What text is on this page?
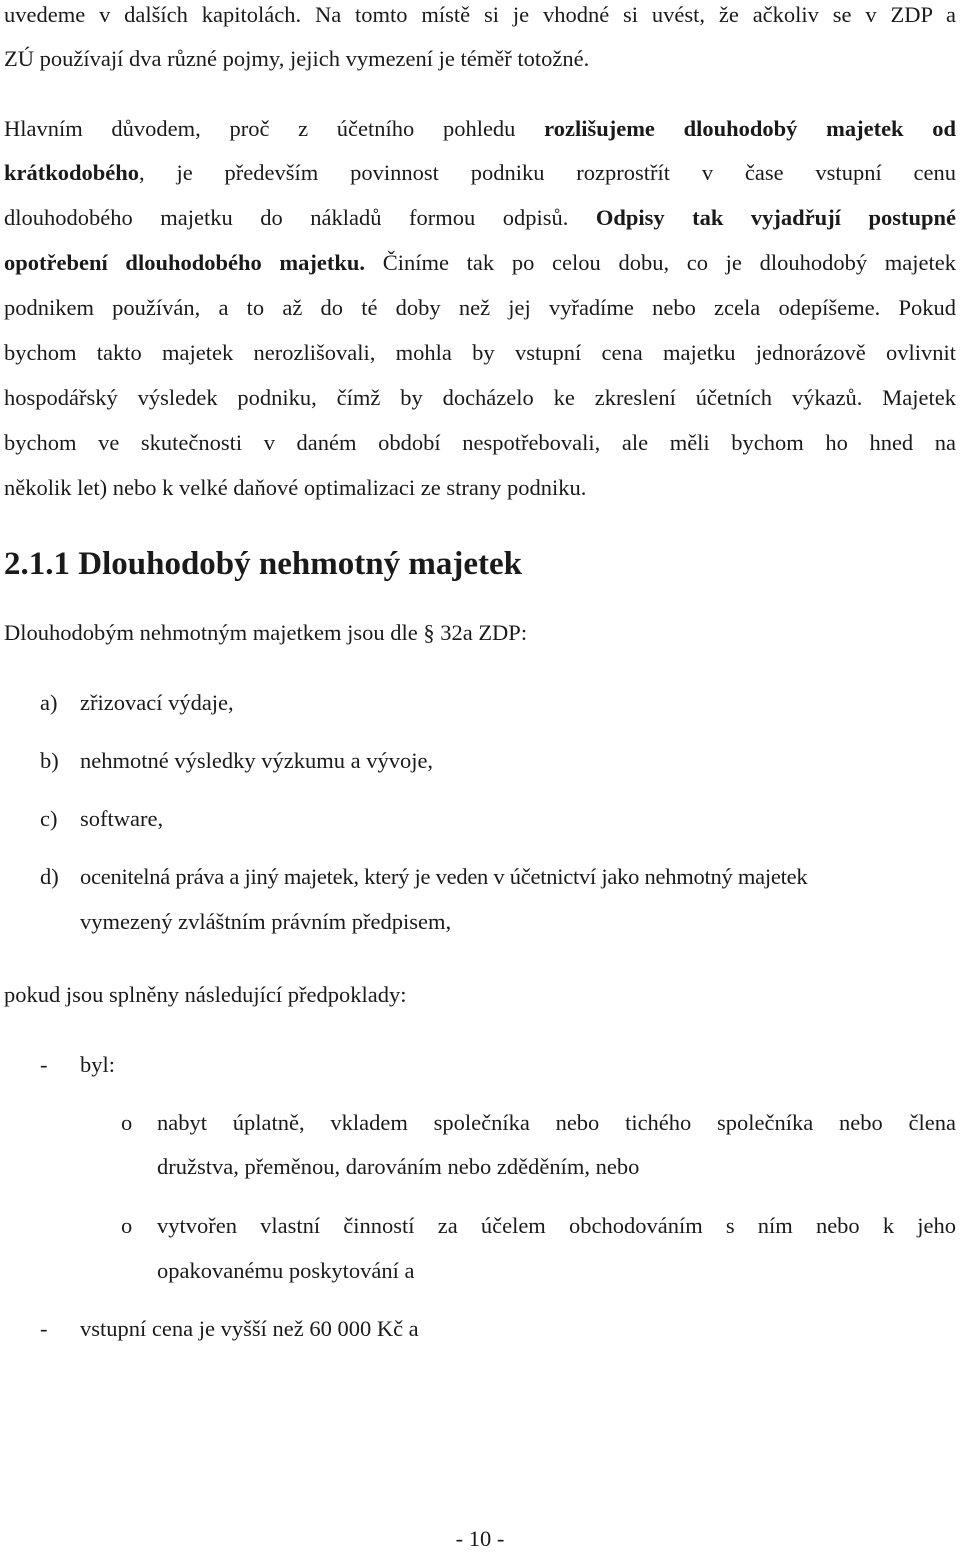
uvedeme v dalších kapitolách. Na tomto místě si je vhodné si uvést, že ačkoliv se v ZDP a
ZÚ používají dva různé pojmy, jejich vymezení je téměř totožné.
Hlavním důvodem, proč z účetního pohledu rozlišujeme dlouhodobý majetek od
krátkodobého, je především povinnost podniku rozprostřít v čase vstupní cenu
dlouhodobého majetku do nákladů formou odpisů. Odpisy tak vyjadřují postupné
opotřebení dlouhodobého majetku. Činíme tak po celou dobu, co je dlouhodobý majetek
podnikem používán, a to až do té doby než jej vyřadíme nebo zcela odepíšeme. Pokud
bychom takto majetek nerozlišovali, mohla by vstupní cena majetku jednorázově ovlivnit
hospodářský výsledek podniku, čímž by docházelo ke zkreslení účetních výkazů. Majetek
bychom ve skutečnosti v daném období nespotřebovali, ale měli bychom ho hned na
několik let) nebo k velké daňové optimalizaci ze strany podniku.
2.1.1 Dlouhodobý nehmotný majetek
Dlouhodobým nehmotným majetkem jsou dle § 32a ZDP:
a) zřizovací výdaje,
b) nehmotné výsledky výzkumu a vývoje,
c) software,
d) ocenitelná práva a jiný majetek, který je veden v účetnictví jako nehmotný majetek
vymezený zvláštním právním předpisem,
pokud jsou splněny následující předpoklady:
- byl:
o nabyt úplatně, vkladem společníka nebo tichého společníka nebo člena
družstva, přeměnou, darováním nebo zděděním, nebo
o vytvořen vlastní činností za účelem obchodováním s ním nebo k jeho
opakovanému poskytování a
- vstupní cena je vyšší než 60 000 Kč a
- 10 -
